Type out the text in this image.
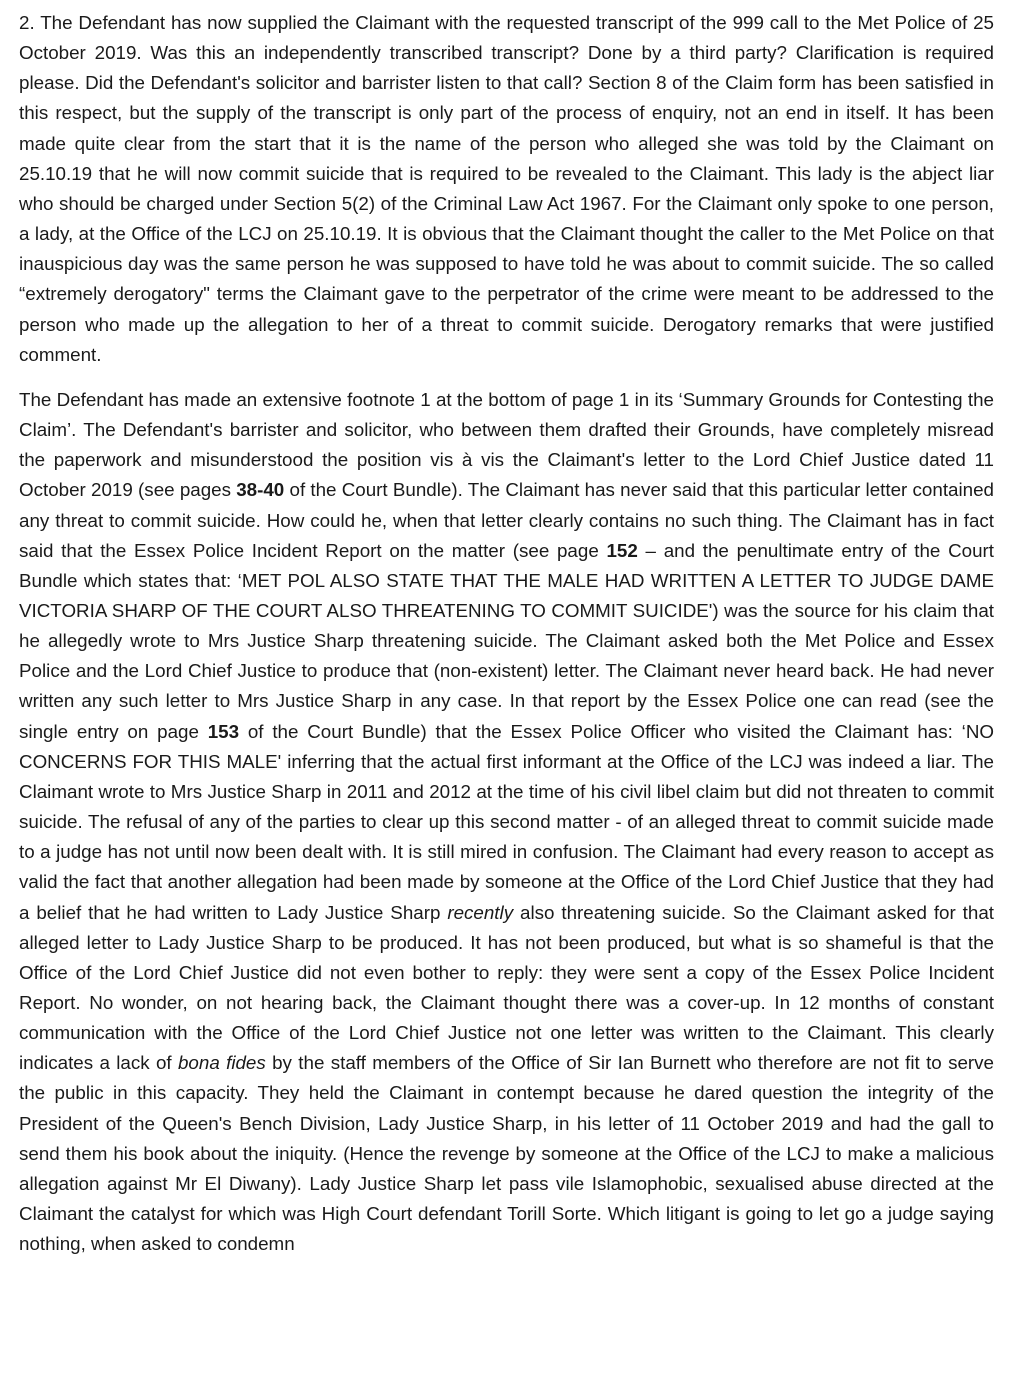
2. The Defendant has now supplied the Claimant with the requested transcript of the 999 call to the Met Police of 25 October 2019. Was this an independently transcribed transcript? Done by a third party? Clarification is required please. Did the Defendant's solicitor and barrister listen to that call? Section 8 of the Claim form has been satisfied in this respect, but the supply of the transcript is only part of the process of enquiry, not an end in itself. It has been made quite clear from the start that it is the name of the person who alleged she was told by the Claimant on 25.10.19 that he will now commit suicide that is required to be revealed to the Claimant. This lady is the abject liar who should be charged under Section 5(2) of the Criminal Law Act 1967. For the Claimant only spoke to one person, a lady, at the Office of the LCJ on 25.10.19. It is obvious that the Claimant thought the caller to the Met Police on that inauspicious day was the same person he was supposed to have told he was about to commit suicide. The so called “extremely derogatory" terms the Claimant gave to the perpetrator of the crime were meant to be addressed to the person who made up the allegation to her of a threat to commit suicide. Derogatory remarks that were justified comment.

The Defendant has made an extensive footnote 1 at the bottom of page 1 in its ‘Summary Grounds for Contesting the Claim’. The Defendant's barrister and solicitor, who between them drafted their Grounds, have completely misread the paperwork and misunderstood the position vis à vis the Claimant's letter to the Lord Chief Justice dated 11 October 2019 (see pages 38-40 of the Court Bundle). The Claimant has never said that this particular letter contained any threat to commit suicide. How could he, when that letter clearly contains no such thing. The Claimant has in fact said that the Essex Police Incident Report on the matter (see page 152 – and the penultimate entry of the Court Bundle which states that: ‘MET POL ALSO STATE THAT THE MALE HAD WRITTEN A LETTER TO JUDGE DAME VICTORIA SHARP OF THE COURT ALSO THREATENING TO COMMIT SUICIDE') was the source for his claim that he allegedly wrote to Mrs Justice Sharp threatening suicide. The Claimant asked both the Met Police and Essex Police and the Lord Chief Justice to produce that (non-existent) letter. The Claimant never heard back. He had never written any such letter to Mrs Justice Sharp in any case. In that report by the Essex Police one can read (see the single entry on page 153 of the Court Bundle) that the Essex Police Officer who visited the Claimant has: ‘NO CONCERNS FOR THIS MALE' inferring that the actual first informant at the Office of the LCJ was indeed a liar. The Claimant wrote to Mrs Justice Sharp in 2011 and 2012 at the time of his civil libel claim but did not threaten to commit suicide. The refusal of any of the parties to clear up this second matter - of an alleged threat to commit suicide made to a judge has not until now been dealt with. It is still mired in confusion. The Claimant had every reason to accept as valid the fact that another allegation had been made by someone at the Office of the Lord Chief Justice that they had a belief that he had written to Lady Justice Sharp recently also threatening suicide. So the Claimant asked for that alleged letter to Lady Justice Sharp to be produced. It has not been produced, but what is so shameful is that the Office of the Lord Chief Justice did not even bother to reply: they were sent a copy of the Essex Police Incident Report. No wonder, on not hearing back, the Claimant thought there was a cover-up. In 12 months of constant communication with the Office of the Lord Chief Justice not one letter was written to the Claimant. This clearly indicates a lack of bona fides by the staff members of the Office of Sir Ian Burnett who therefore are not fit to serve the public in this capacity. They held the Claimant in contempt because he dared question the integrity of the President of the Queen's Bench Division, Lady Justice Sharp, in his letter of 11 October 2019 and had the gall to send them his book about the iniquity. (Hence the revenge by someone at the Office of the LCJ to make a malicious allegation against Mr El Diwany). Lady Justice Sharp let pass vile Islamophobic, sexualised abuse directed at the Claimant the catalyst for which was High Court defendant Torill Sorte. Which litigant is going to let go a judge saying nothing, when asked to condemn
